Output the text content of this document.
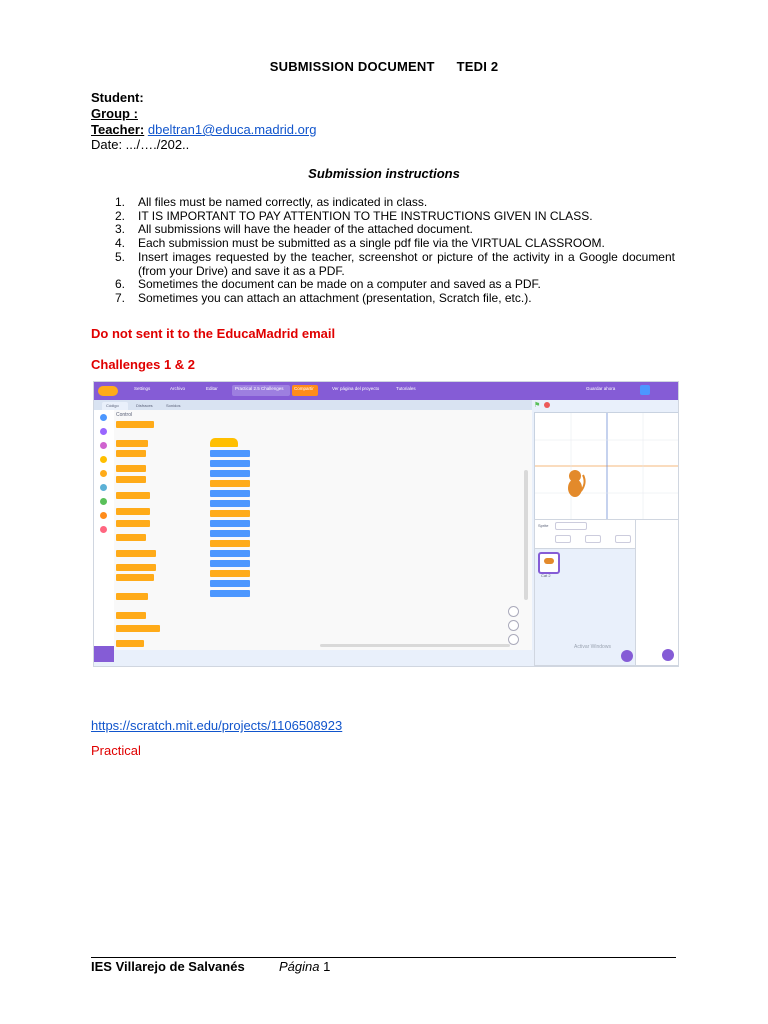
SUBMISSION DOCUMENT TEDI 2
Student:
Group :
Teacher: dbeltran1@educa.madrid.org
Date: .../…./202..
Submission instructions
1. All files must be named correctly, as indicated in class.
2. IT IS IMPORTANT TO PAY ATTENTION TO THE INSTRUCTIONS GIVEN IN CLASS.
3. All submissions will have the header of the attached document.
4. Each submission must be submitted as a single pdf file via the VIRTUAL CLASSROOM.
5. Insert images requested by the teacher, screenshot or picture of the activity in a Google document (from your Drive) and save it as a PDF.
6. Sometimes the document can be made on a computer and saved as a PDF.
7. Sometimes you can attach an attachment (presentation, Scratch file, etc.).
Do not sent it to the EducaMadrid email
Challenges 1 & 2
Settings	Archivo	Editar	Practical 2.5 Challenges Compartir	Ver página del proyecto	Tutoriales	Guardar ahora
Código	Disfraces	Sonidos
Control
⚑
Sprite
Cat 2
Activar Windows
https://scratch.mit.edu/projects/1106508923
Practical
IES Villarejo de Salvanés	Página 1
